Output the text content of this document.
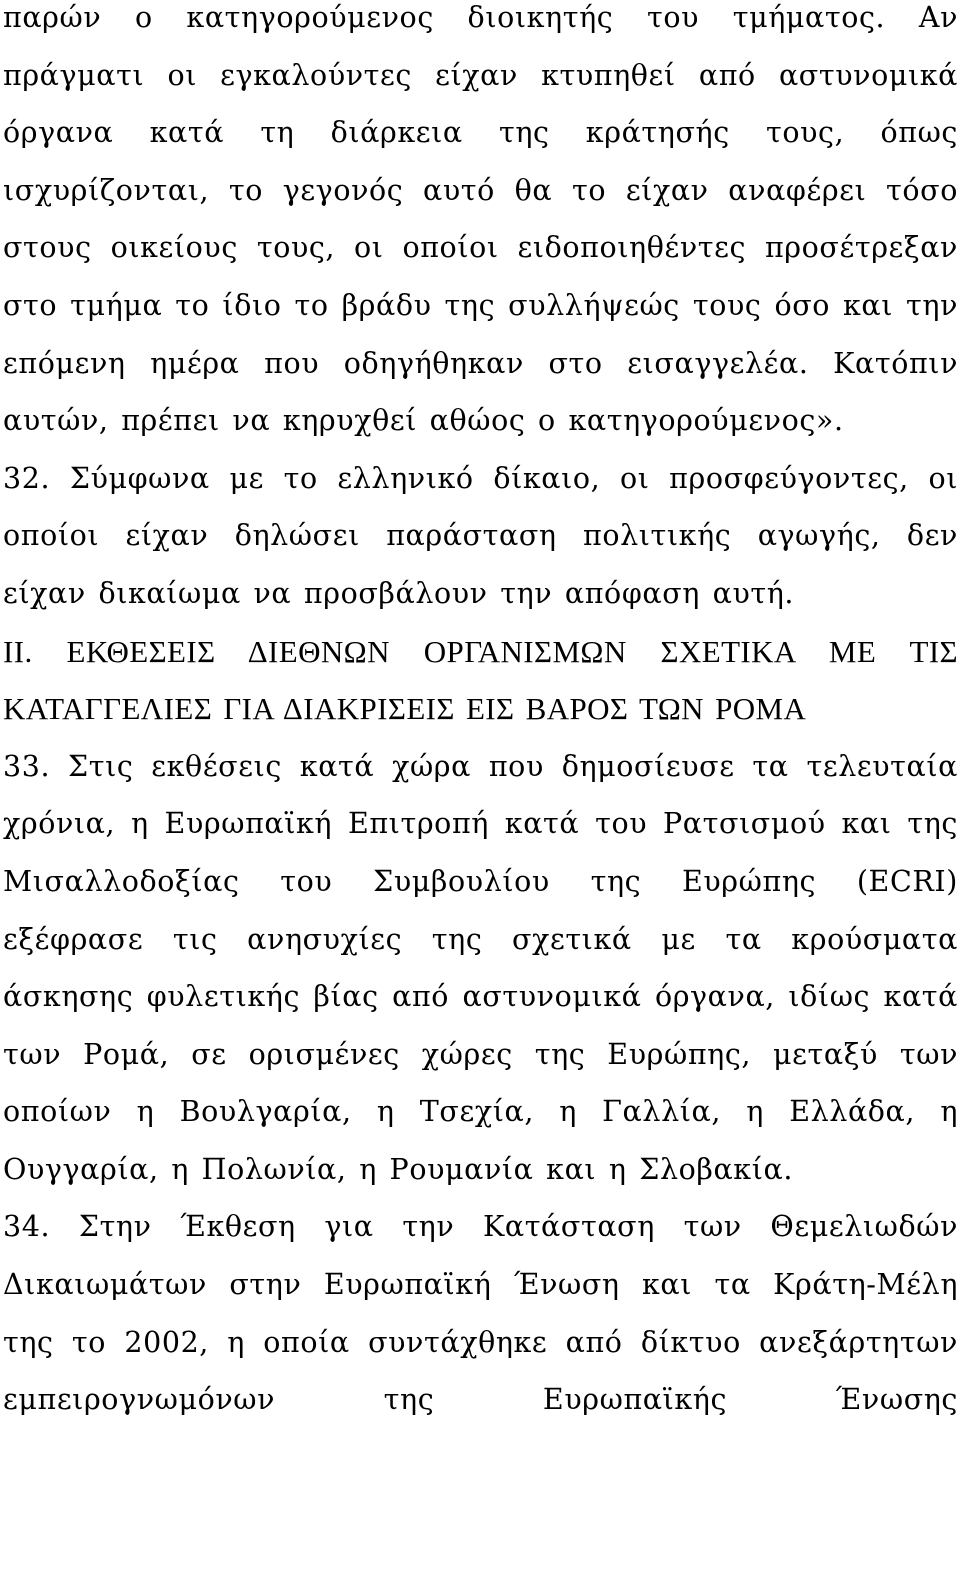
παρών ο κατηγορούμενος διοικητής του τμήματος. Αν πράγματι οι εγκαλούντες είχαν κτυπηθεί από αστυνομικά όργανα κατά τη διάρκεια της κράτησής τους, όπως ισχυρίζονται, το γεγονός αυτό θα το είχαν αναφέρει τόσο στους οικείους τους, οι οποίοι ειδοποιηθέντες προσέτρεξαν στο τμήμα το ίδιο το βράδυ της συλλήψεώς τους όσο και την επόμενη ημέρα που οδηγήθηκαν στο εισαγγελέα. Κατόπιν αυτών, πρέπει να κηρυχθεί αθώος ο κατηγορούμενος».

32. Σύμφωνα με το ελληνικό δίκαιο, οι προσφεύγοντες, οι οποίοι είχαν δηλώσει παράσταση πολιτικής αγωγής, δεν είχαν δικαίωμα να προσβάλουν την απόφαση αυτή.

ΙΙ. ΕΚΘΕΣΕΙΣ ΔΙΕΘΝΩΝ ΟΡΓΑΝΙΣΜΩΝ ΣΧΕΤΙΚΑ ΜΕ ΤΙΣ ΚΑΤΑΓΓΕΛΙΕΣ ΓΙΑ ΔΙΑΚΡΙΣΕΙΣ ΕΙΣ ΒΑΡΟΣ ΤΩΝ ΡΟΜΑ

33. Στις εκθέσεις κατά χώρα που δημοσίευσε τα τελευταία χρόνια, η Ευρωπαϊκή Επιτροπή κατά του Ρατσισμού και της Μισαλλοδοξίας του Συμβουλίου της Ευρώπης (ECRI) εξέφρασε τις ανησυχίες της σχετικά με τα κρούσματα άσκησης φυλετικής βίας από αστυνομικά όργανα, ιδίως κατά των Ρομά, σε ορισμένες χώρες της Ευρώπης, μεταξύ των οποίων η Βουλγαρία, η Τσεχία, η Γαλλία, η Ελλάδα, η Ουγγαρία, η Πολωνία, η Ρουμανία και η Σλοβακία.

34. Στην Έκθεση για την Κατάσταση των Θεμελιωδών Δικαιωμάτων στην Ευρωπαϊκή Ένωση και τα Κράτη-Μέλη της το 2002, η οποία συντάχθηκε από δίκτυο ανεξάρτητων εμπειρογνωμόνων της Ευρωπαϊκής Ένωσης
